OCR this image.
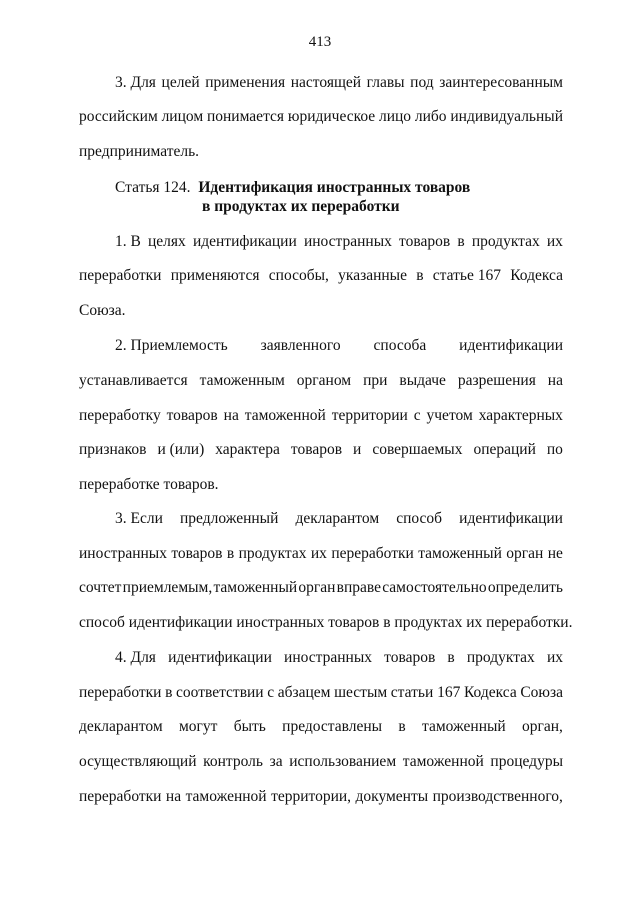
413
3. Для целей применения настоящей главы под заинтересованным
российским лицом понимается юридическое лицо либо индивидуальный
предприниматель.
Статья 124. Идентификация иностранных товаров
в продуктах их переработки
1. В целях идентификации иностранных товаров в продуктах их
переработки применяются способы, указанные в статье 167 Кодекса
Союза.
2. Приемлемость заявленного способа идентификации
устанавливается таможенным органом при выдаче разрешения на
переработку товаров на таможенной территории с учетом характерных
признаков и (или) характера товаров и совершаемых операций по
переработке товаров.
3. Если предложенный декларантом способ идентификации
иностранных товаров в продуктах их переработки таможенный орган не
сочтет приемлемым, таможенный орган вправе самостоятельно определить
способ идентификации иностранных товаров в продуктах их переработки.
4. Для идентификации иностранных товаров в продуктах их
переработки в соответствии с абзацем шестым статьи 167 Кодекса Союза
декларантом могут быть предоставлены в таможенный орган,
осуществляющий контроль за использованием таможенной процедуры
переработки на таможенной территории, документы производственного,
